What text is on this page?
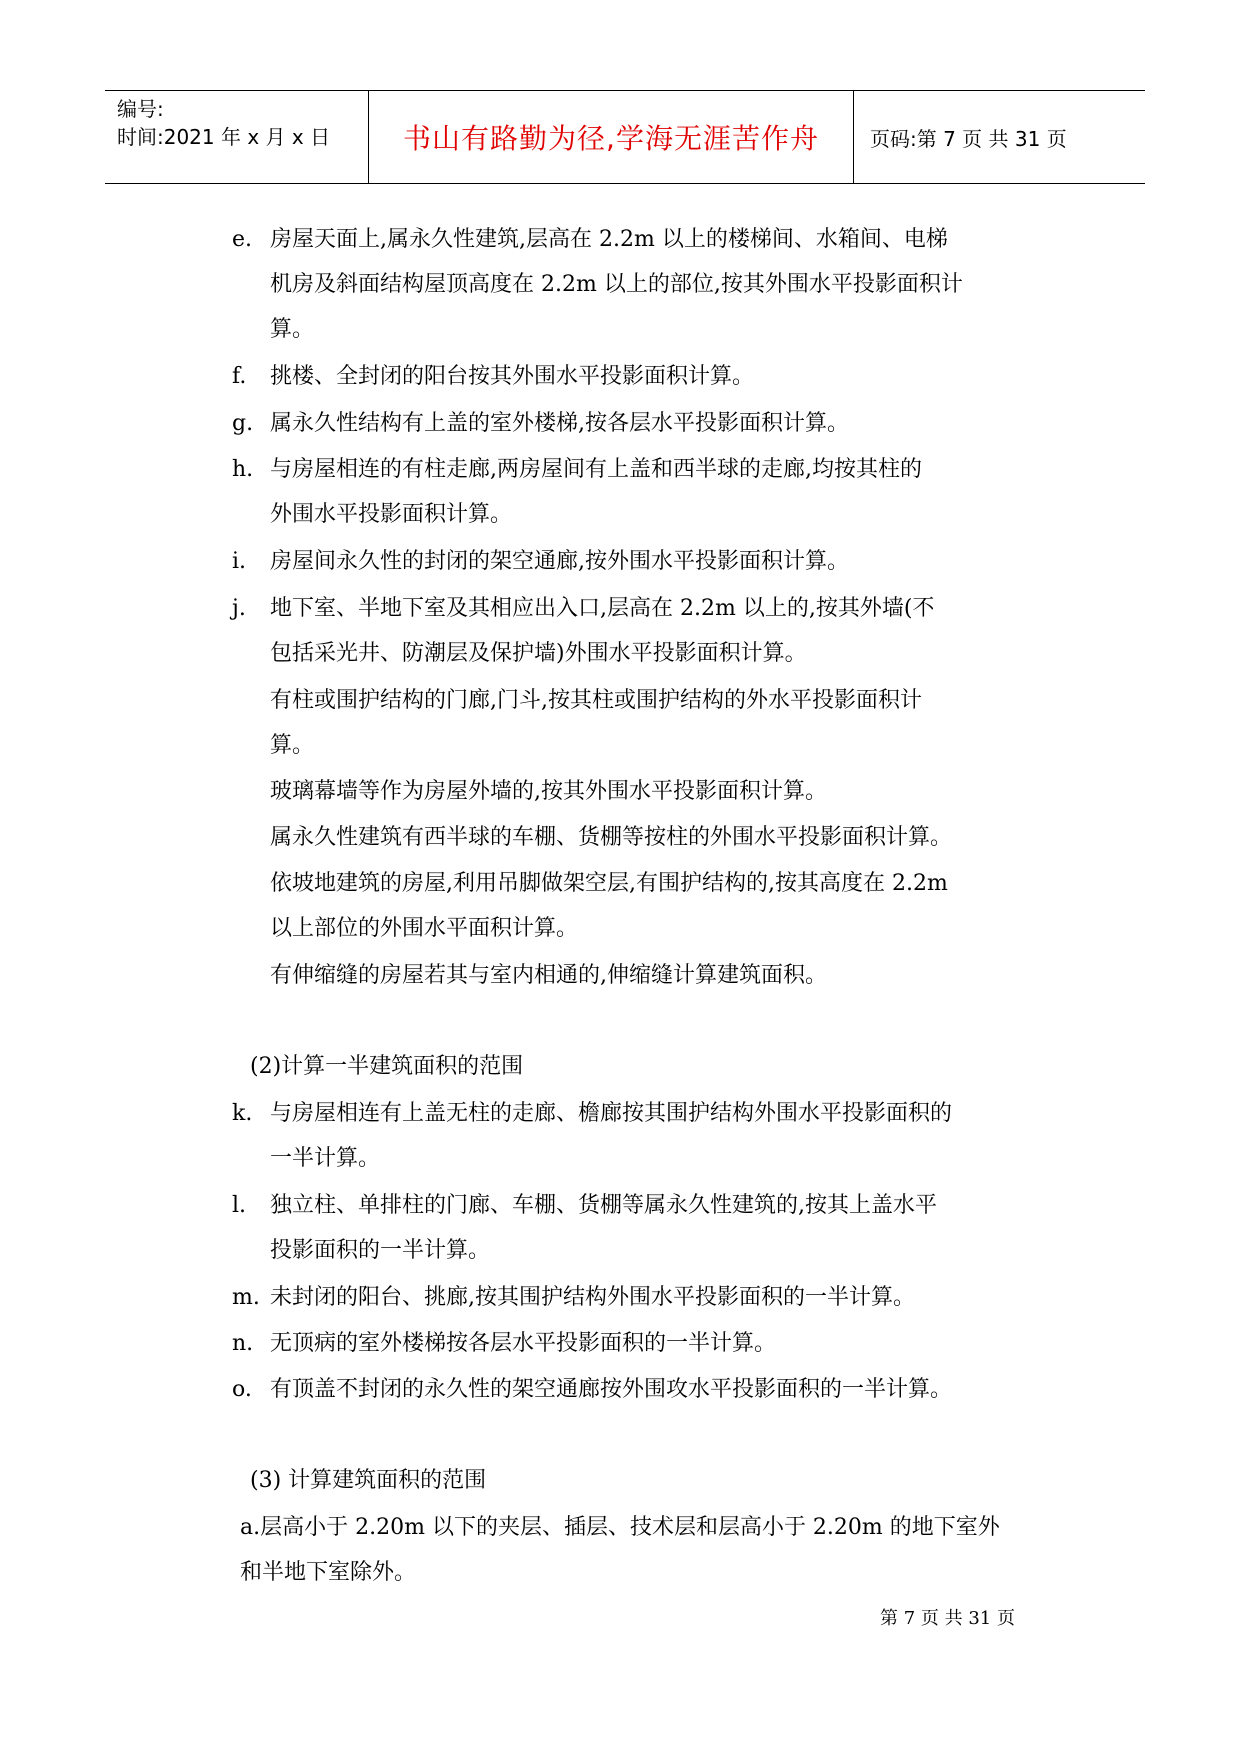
编号:
时间:2021 年 x 月 x 日	书山有路勤为径,学海无涯苦作舟	页码:第 7 页 共 31 页
e. 房屋天面上,属永久性建筑,层高在 2.2m 以上的楼梯间、水箱间、电梯
机房及斜面结构屋顶高度在 2.2m 以上的部位,按其外围水平投影面积计
算。
f. 挑楼、全封闭的阳台按其外围水平投影面积计算。
g. 属永久性结构有上盖的室外楼梯,按各层水平投影面积计算。
h. 与房屋相连的有柱走廊,两房屋间有上盖和西半球的走廊,均按其柱的
外围水平投影面积计算。
i. 房屋间永久性的封闭的架空通廊,按外围水平投影面积计算。
j. 地下室、半地下室及其相应出入口,层高在 2.2m 以上的,按其外墙(不
包括采光井、防潮层及保护墙)外围水平投影面积计算。
有柱或围护结构的门廊,门斗,按其柱或围护结构的外水平投影面积计
算。
玻璃幕墙等作为房屋外墙的,按其外围水平投影面积计算。
属永久性建筑有西半球的车棚、货棚等按柱的外围水平投影面积计算。
依坡地建筑的房屋,利用吊脚做架空层,有围护结构的,按其高度在 2.2m
以上部位的外围水平面积计算。
有伸缩缝的房屋若其与室内相通的,伸缩缝计算建筑面积。
(2)计算一半建筑面积的范围
k. 与房屋相连有上盖无柱的走廊、檐廊按其围护结构外围水平投影面积的
一半计算。
l. 独立柱、单排柱的门廊、车棚、货棚等属永久性建筑的,按其上盖水平
投影面积的一半计算。
m. 未封闭的阳台、挑廊,按其围护结构外围水平投影面积的一半计算。
n. 无顶病的室外楼梯按各层水平投影面积的一半计算。
o. 有顶盖不封闭的永久性的架空通廊按外围攻水平投影面积的一半计算。
(3) 计算建筑面积的范围
a.层高小于 2.20m 以下的夹层、插层、技术层和层高小于 2.20m 的地下室外
和半地下室除外。
第 7 页 共 31 页
